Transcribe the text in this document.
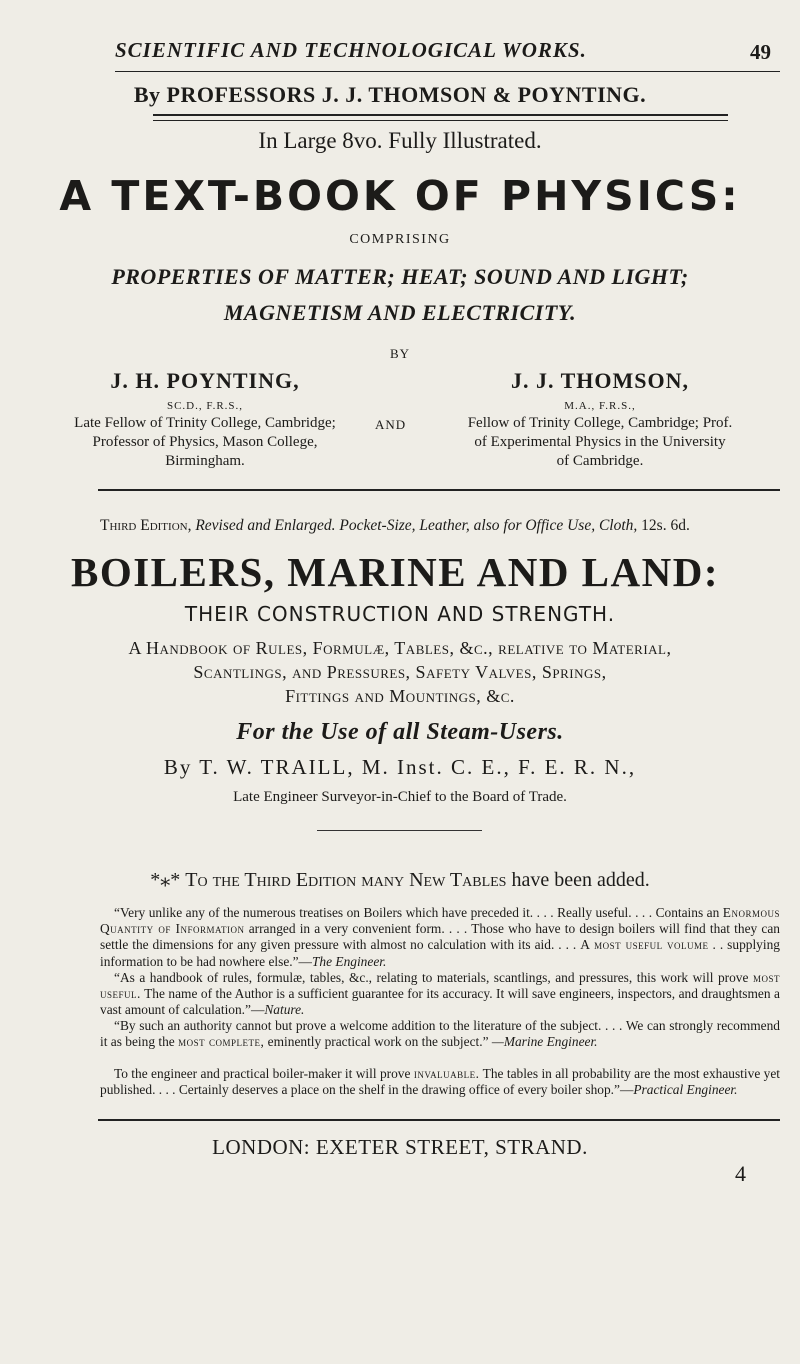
SCIENTIFIC AND TECHNOLOGICAL WORKS.	49
By PROFESSORS J. J. THOMSON & POYNTING.
In Large 8vo. Fully Illustrated.
A TEXT-BOOK OF PHYSICS:
COMPRISING
PROPERTIES OF MATTER; HEAT; SOUND AND LIGHT;
MAGNETISM AND ELECTRICITY.
BY
J. H. POYNTING,
SC.D., F.R.S.,
Late Fellow of Trinity College, Cambridge;
Professor of Physics, Mason College,
Birmingham.
AND
J. J. THOMSON,
M.A., F.R.S.,
Fellow of Trinity College, Cambridge; Prof.
of Experimental Physics in the University
of Cambridge.
Third Edition, Revised and Enlarged. Pocket-Size, Leather, also for Office Use, Cloth, 12s. 6d.
BOILERS, MARINE AND LAND:
THEIR CONSTRUCTION AND STRENGTH.
A Handbook of Rules, Formulæ, Tables, &c., relative to Material,
Scantlings, and Pressures, Safety Valves, Springs,
Fittings and Mountings, &c.
For the Use of all Steam-Users.
By T. W. TRAILL, M. Inst. C. E., F. E. R. N.,
Late Engineer Surveyor-in-Chief to the Board of Trade.
*⁎* To the Third Edition many New Tables have been added.
“Very unlike any of the numerous treatises on Boilers which have preceded it. . . . Really useful. . . . Contains an Enormous Quantity of Information arranged in a very convenient form. . . . Those who have to design boilers will find that they can settle the dimensions for any given pressure with almost no calculation with its aid. . . . A most useful volume . . supplying information to be had nowhere else.”—The Engineer.
“As a handbook of rules, formulæ, tables, &c., relating to materials, scantlings, and pressures, this work will prove most useful. The name of the Author is a sufficient guarantee for its accuracy. It will save engineers, inspectors, and draughtsmen a vast amount of calculation.”—Nature.
“By such an authority cannot but prove a welcome addition to the literature of the subject. . . . We can strongly recommend it as being the most complete, eminently practical work on the subject.” —Marine Engineer.
To the engineer and practical boiler-maker it will prove invaluable. The tables in all probability are the most exhaustive yet published. . . . Certainly deserves a place on the shelf in the drawing office of every boiler shop.”—Practical Engineer.
LONDON: EXETER STREET, STRAND.
4
